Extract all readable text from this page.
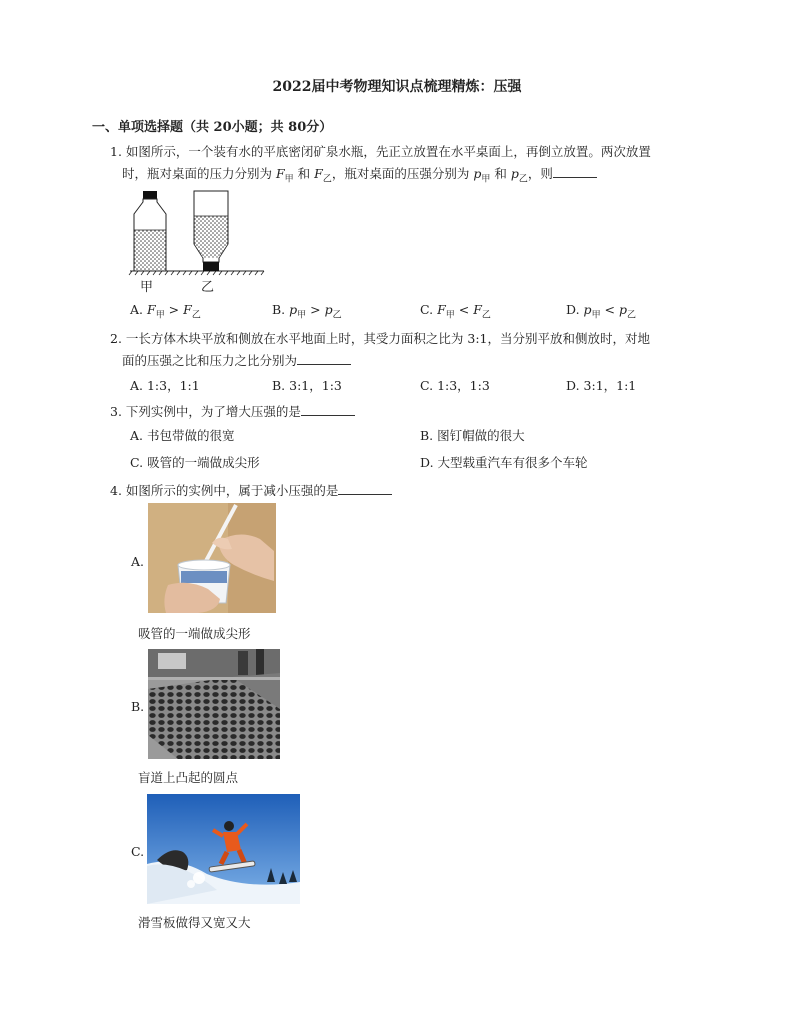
2022届中考物理知识点梳理精炼：压强
一、单项选择题（共 20小题；共 80分）
1. 如图所示，一个装有水的平底密闭矿泉水瓶，先正立放置在水平桌面上，再倒立放置。两次放置
时，瓶对桌面的压力分别为 $F_甲$ 和 $F_乙$，瓶对桌面的压强分别为 $p_甲$ 和 $p_乙$，则
甲	乙
A. $F_甲 > F_乙$	B. $p_甲 > p_乙$	C. $F_甲 < F_乙$	D. $p_甲 < p_乙$
2. 一长方体木块平放和侧放在水平地面上时，其受力面积之比为 3:1，当分别平放和侧放时，对地
面的压强之比和压力之比分别为
A. 1:3，1:1	B. 3:1，1:3	C. 1:3，1:3	D. 3:1，1:1
3. 下列实例中，为了增大压强的是
A. 书包带做的很宽	B. 图钉帽做的很大
C. 吸管的一端做成尖形	D. 大型载重汽车有很多个车轮
4. 如图所示的实例中，属于减小压强的是
A.
吸管的一端做成尖形
B.
盲道上凸起的圆点
C.
滑雪板做得又宽又大
